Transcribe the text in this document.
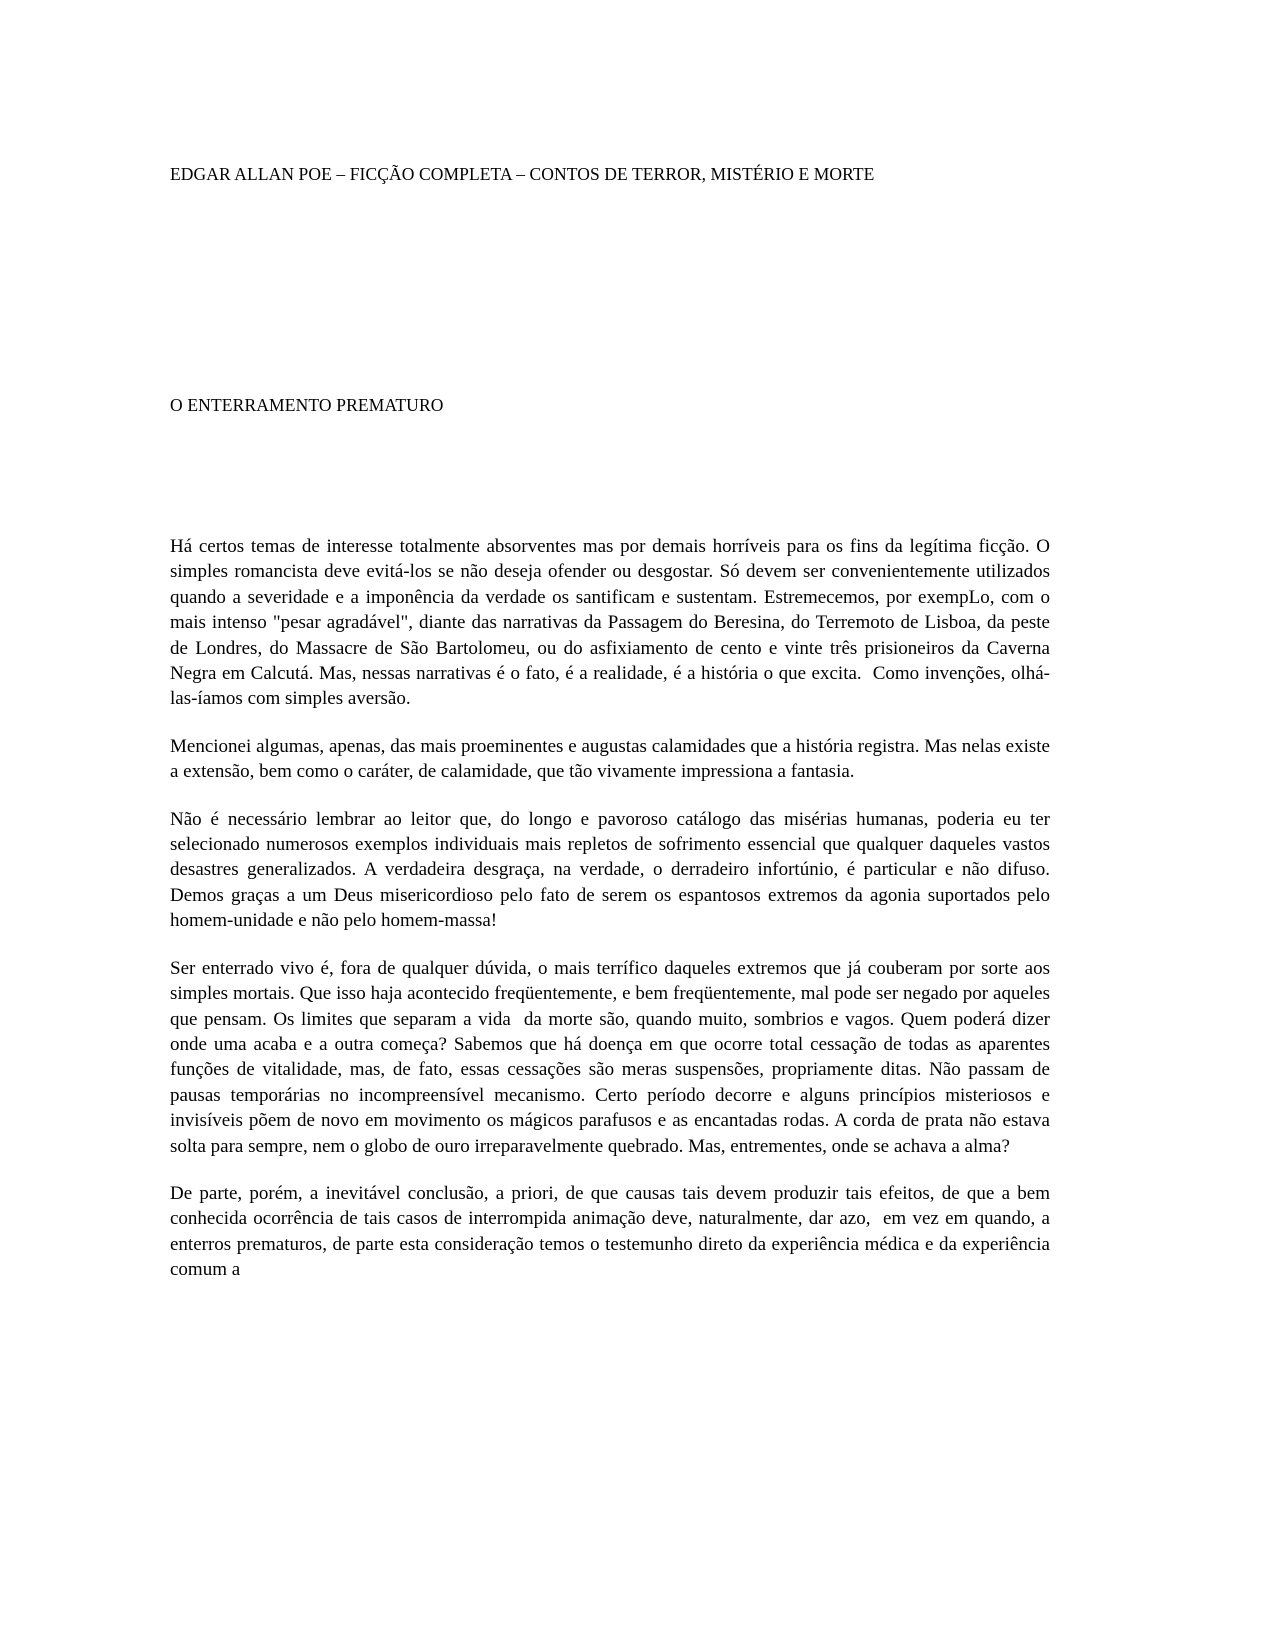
EDGAR ALLAN POE – FICÇÃO COMPLETA – CONTOS DE TERROR, MISTÉRIO E MORTE
O ENTERRAMENTO PREMATURO

Há certos temas de interesse totalmente absorventes mas por demais horríveis para os fins da legítima ficção. O simples romancista deve evitá-los se não deseja ofender ou desgostar. Só devem ser convenientemente utilizados quando a severidade e a imponência da verdade os santificam e sustentam. Estremecemos, por exempLo, com o mais intenso "pesar agradável", diante das narrativas da Passagem do Beresina, do Terremoto de Lisboa, da peste de Londres, do Massacre de São Bartolomeu, ou do asfixiamento de cento e vinte três prisioneiros da Caverna Negra em Calcutá. Mas, nessas narrativas é o fato, é a realidade, é a história o que excita.  Como invenções, olhá-las-íamos com simples aversão.

Mencionei algumas, apenas, das mais proeminentes e augustas calamidades que a história registra. Mas nelas existe a extensão, bem como o caráter, de calamidade, que tão vivamente impressiona a fantasia.

Não é necessário lembrar ao leitor que, do longo e pavoroso catálogo das misérias humanas, poderia eu ter selecionado numerosos exemplos individuais mais repletos de sofrimento essencial que qualquer daqueles vastos desastres generalizados. A verdadeira desgraça, na verdade, o derradeiro infortúnio, é particular e não difuso.  Demos graças a um Deus misericordioso pelo fato de serem os espantosos extremos da agonia suportados pelo homem-unidade e não pelo homem-massa!

Ser enterrado vivo é, fora de qualquer dúvida, o mais terrífico daqueles extremos que já couberam por sorte aos simples mortais. Que isso haja acontecido freqüentemente, e bem freqüentemente, mal pode ser negado por aqueles que pensam. Os limites que separam a vida  da morte são, quando muito, sombrios e vagos. Quem poderá dizer onde uma acaba e a outra começa? Sabemos que há doença em que ocorre total cessação de todas as aparentes funções de vitalidade, mas, de fato, essas cessações são meras suspensões, propriamente ditas. Não passam de pausas temporárias no incompreensível mecanismo. Certo período decorre e alguns princípios misteriosos e invisíveis põem de novo em movimento os mágicos parafusos e as encantadas rodas. A corda de prata não estava solta para sempre, nem o globo de ouro irreparavelmente quebrado. Mas, entrementes, onde se achava a alma?

De parte, porém, a inevitável conclusão, a priori, de que causas tais devem produzir tais efeitos, de que a bem conhecida ocorrência de tais casos de interrompida animação deve, naturalmente, dar azo,  em vez em quando, a enterros prematuros, de parte esta consideração temos o testemunho direto da experiência médica e da experiência comum a
